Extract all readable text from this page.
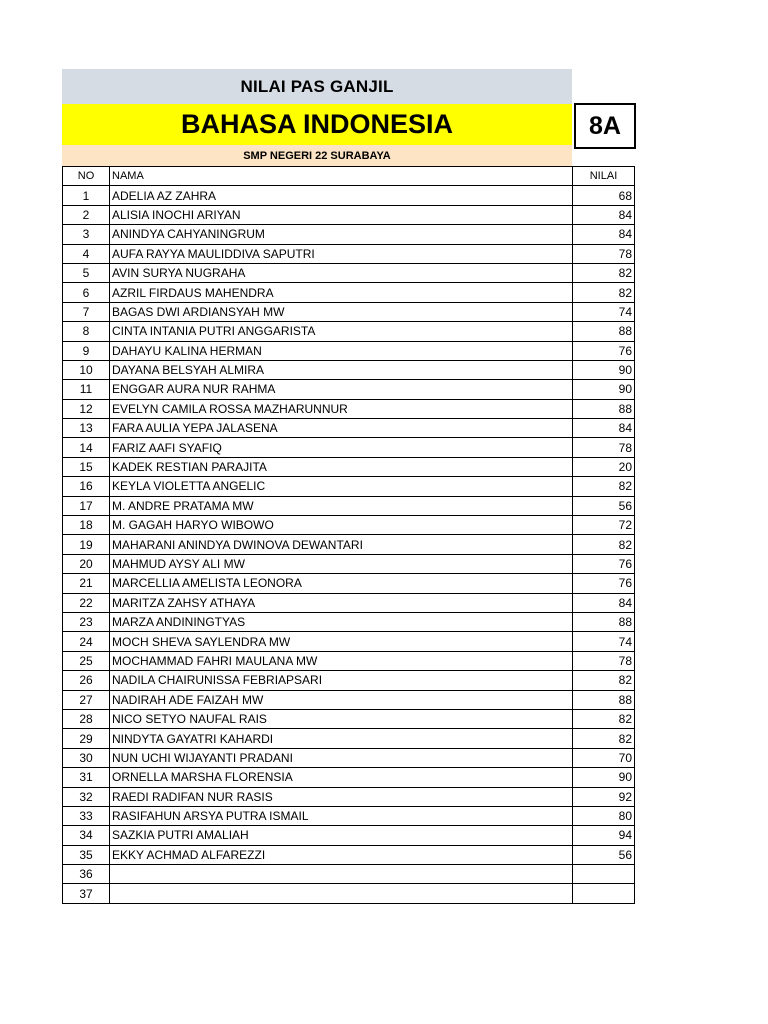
NILAI PAS GANJIL
BAHASA INDONESIA	8A
SMP NEGERI 22 SURABAYA
NO	NAMA	NILAI
1	ADELIA AZ ZAHRA	68
2	ALISIA INOCHI ARIYAN	84
3	ANINDYA CAHYANINGRUM	84
4	AUFA RAYYA MAULIDDIVA SAPUTRI	78
5	AVIN SURYA NUGRAHA	82
6	AZRIL FIRDAUS MAHENDRA	82
7	BAGAS DWI ARDIANSYAH MW	74
8	CINTA INTANIA PUTRI ANGGARISTA	88
9	DAHAYU KALINA HERMAN	76
10	DAYANA BELSYAH ALMIRA	90
11	ENGGAR AURA NUR RAHMA	90
12	EVELYN CAMILA ROSSA MAZHARUNNUR	88
13	FARA AULIA YEPA JALASENA	84
14	FARIZ AAFI SYAFIQ	78
15	KADEK RESTIAN PARAJITA	20
16	KEYLA VIOLETTA ANGELIC	82
17	M. ANDRE PRATAMA MW	56
18	M. GAGAH HARYO WIBOWO	72
19	MAHARANI ANINDYA DWINOVA DEWANTARI	82
20	MAHMUD AYSY ALI MW	76
21	MARCELLIA AMELISTA LEONORA	76
22	MARITZA ZAHSY ATHAYA	84
23	MARZA ANDININGTYAS	88
24	MOCH SHEVA SAYLENDRA MW	74
25	MOCHAMMAD FAHRI MAULANA MW	78
26	NADILA CHAIRUNISSA FEBRIAPSARI	82
27	NADIRAH ADE FAIZAH MW	88
28	NICO SETYO NAUFAL RAIS	82
29	NINDYTA GAYATRI KAHARDI	82
30	NUN UCHI WIJAYANTI PRADANI	70
31	ORNELLA MARSHA FLORENSIA	90
32	RAEDI RADIFAN NUR RASIS	92
33	RASIFAHUN ARSYA PUTRA ISMAIL	80
34	SAZKIA PUTRI AMALIAH	94
35	EKKY ACHMAD ALFAREZZI	56
36		
37		
